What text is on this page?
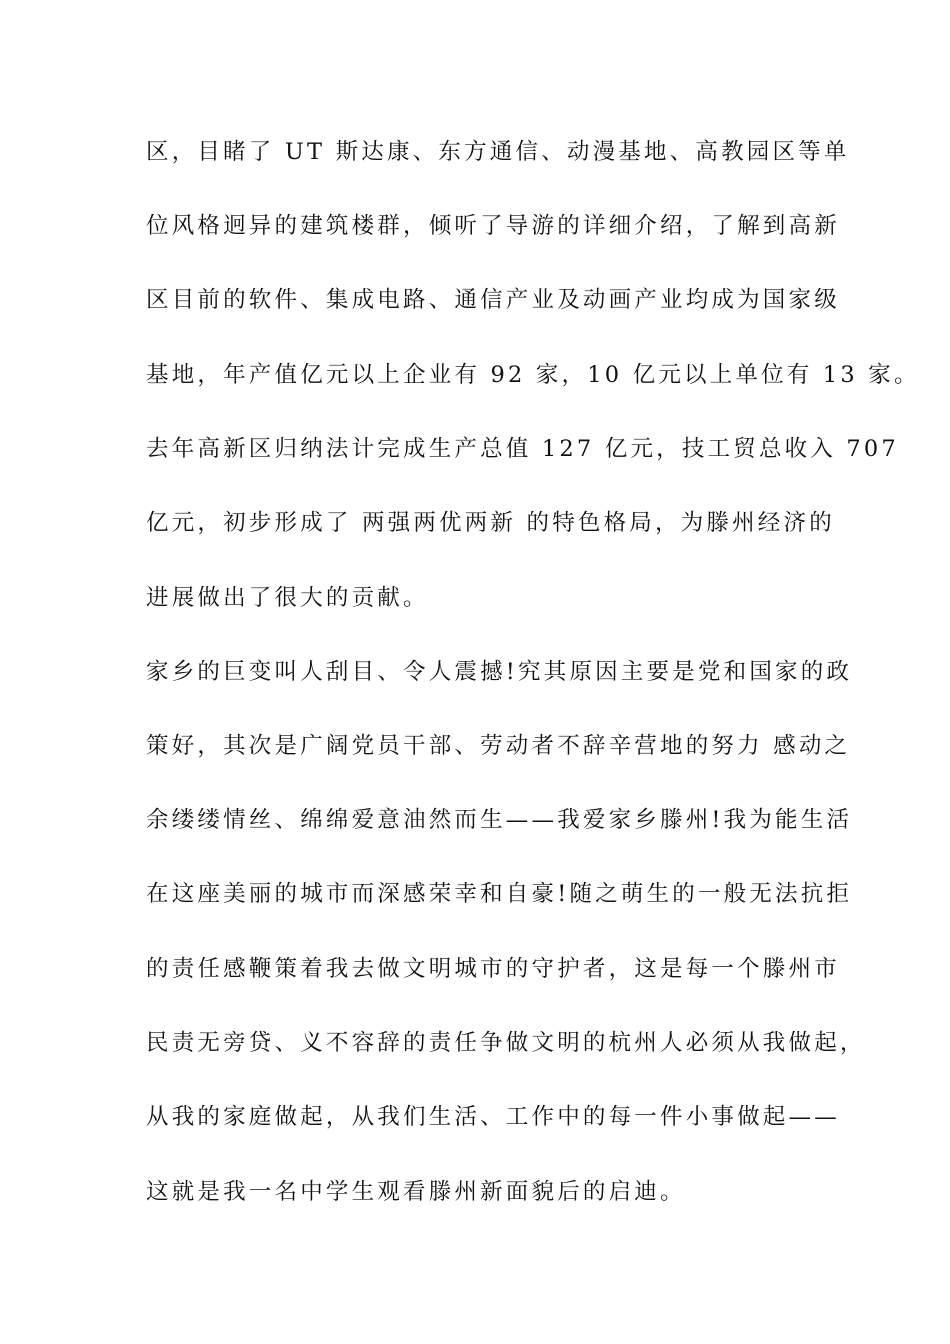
区，目睹了 UT 斯达康、东方通信、动漫基地、高教园区等单

位风格迥异的建筑楼群，倾听了导游的详细介绍，了解到高新

区目前的软件、集成电路、通信产业及动画产业均成为国家级

基地，年产值亿元以上企业有 92 家，10 亿元以上单位有 13 家。

去年高新区归纳法计完成生产总值 127 亿元，技工贸总收入 707

亿元，初步形成了 两强两优两新 的特色格局，为滕州经济的

进展做出了很大的贡献。

家乡的巨变叫人刮目、令人震撼!究其原因主要是党和国家的政

策好，其次是广阔党员干部、劳动者不辞辛营地的努力 感动之

余缕缕情丝、绵绵爱意油然而生——我爱家乡滕州!我为能生活

在这座美丽的城市而深感荣幸和自豪!随之萌生的一般无法抗拒

的责任感鞭策着我去做文明城市的守护者，这是每一个滕州市

民责无旁贷、义不容辞的责任争做文明的杭州人必须从我做起，

从我的家庭做起，从我们生活、工作中的每一件小事做起——

这就是我一名中学生观看滕州新面貌后的启迪。
